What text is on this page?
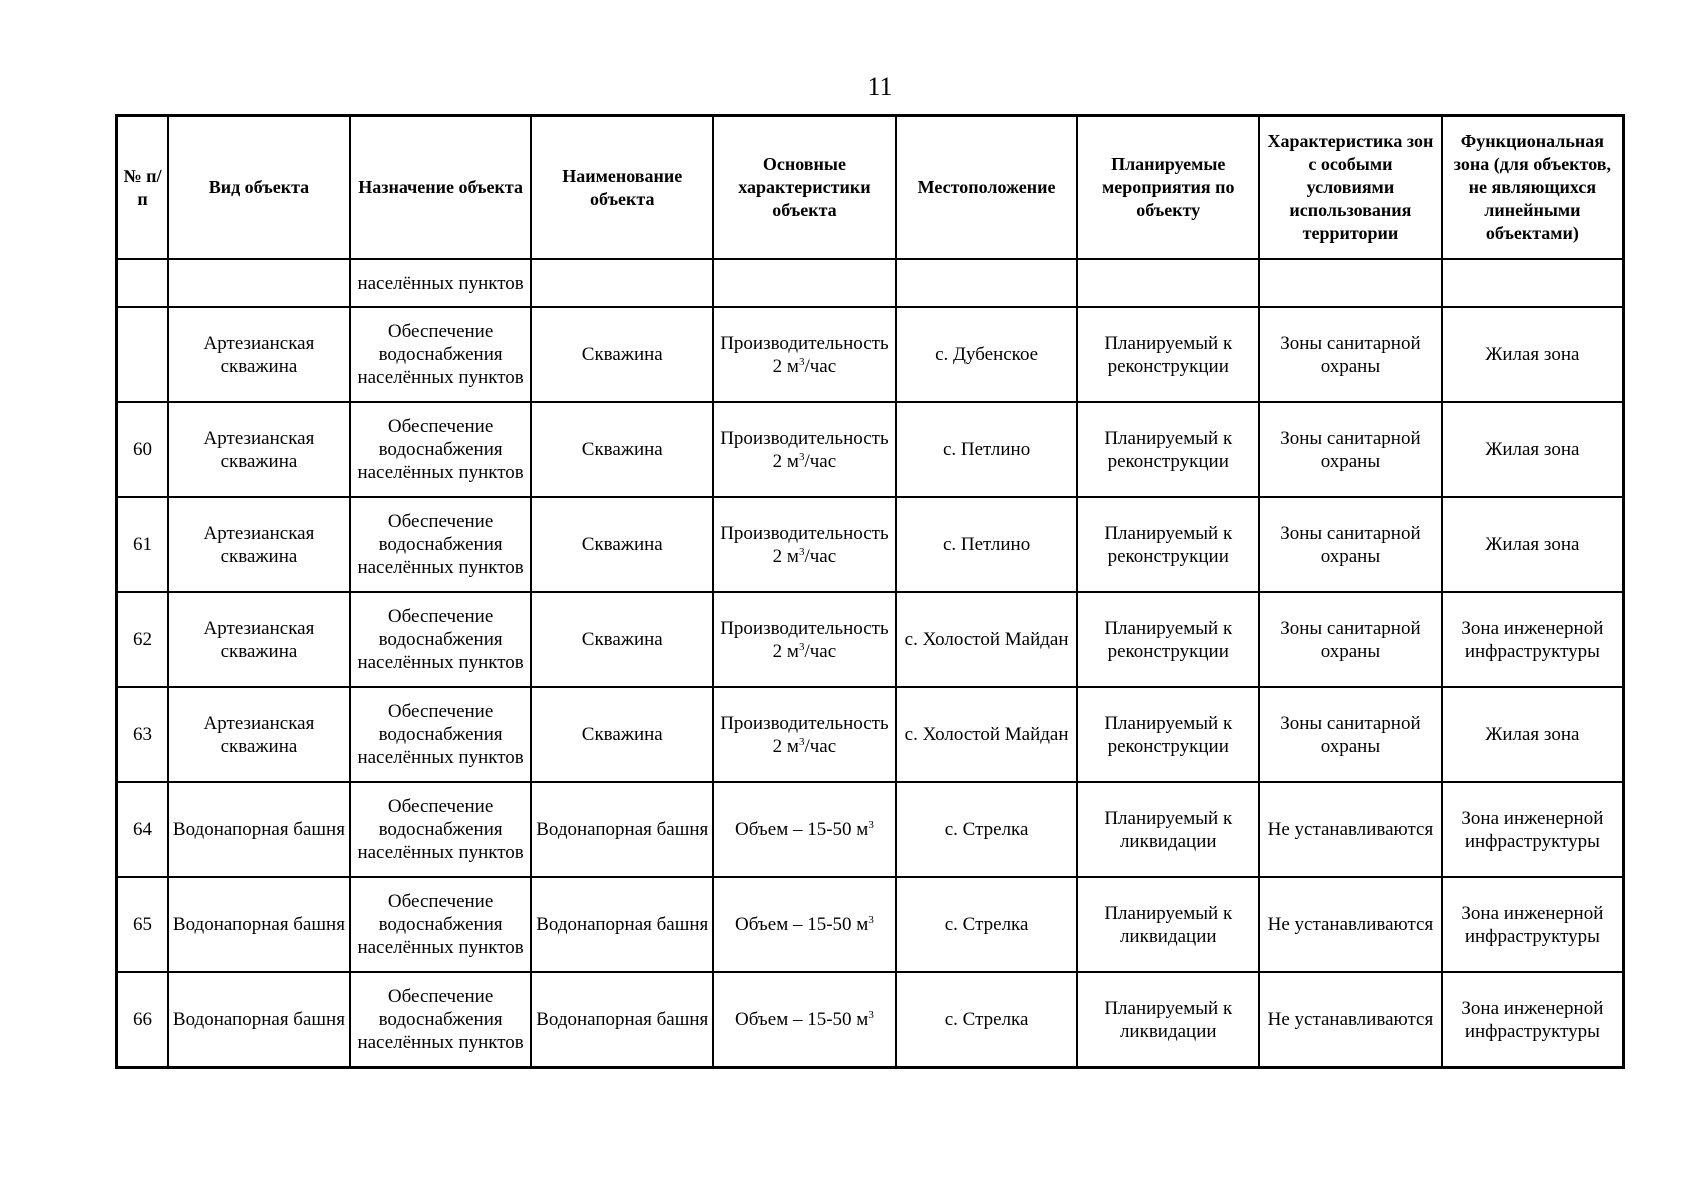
11
№ п/п	Вид объекта	Назначение объекта	Наименование объекта	Основные характеристики объекта	Местоположение	Планируемые мероприятия по объекту	Характеристика зон с особыми условиями использования территории	Функциональная зона (для объектов, не являющихся линейными объектами)
		населённых пунктов						
	Артезианская скважина	Обеспечение водоснабжения населённых пунктов	Скважина	Производительность 2 $м^3$/час	с. Дубенское	Планируемый к реконструкции	Зоны санитарной охраны	Жилая зона
60	Артезианская скважина	Обеспечение водоснабжения населённых пунктов	Скважина	Производительность 2 $м^3$/час	с. Петлино	Планируемый к реконструкции	Зоны санитарной охраны	Жилая зона
61	Артезианская скважина	Обеспечение водоснабжения населённых пунктов	Скважина	Производительность 2 $м^3$/час	с. Петлино	Планируемый к реконструкции	Зоны санитарной охраны	Жилая зона
62	Артезианская скважина	Обеспечение водоснабжения населённых пунктов	Скважина	Производительность 2 $м^3$/час	с. Холостой Майдан	Планируемый к реконструкции	Зоны санитарной охраны	Зона инженерной инфраструктуры
63	Артезианская скважина	Обеспечение водоснабжения населённых пунктов	Скважина	Производительность 2 $м^3$/час	с. Холостой Майдан	Планируемый к реконструкции	Зоны санитарной охраны	Жилая зона
64	Водонапорная башня	Обеспечение водоснабжения населённых пунктов	Водонапорная башня	Объем – 15-50 $м^3$	с. Стрелка	Планируемый к ликвидации	Не устанавливаются	Зона инженерной инфраструктуры
65	Водонапорная башня	Обеспечение водоснабжения населённых пунктов	Водонапорная башня	Объем – 15-50 $м^3$	с. Стрелка	Планируемый к ликвидации	Не устанавливаются	Зона инженерной инфраструктуры
66	Водонапорная башня	Обеспечение водоснабжения населённых пунктов	Водонапорная башня	Объем – 15-50 $м^3$	с. Стрелка	Планируемый к ликвидации	Не устанавливаются	Зона инженерной инфраструктуры
